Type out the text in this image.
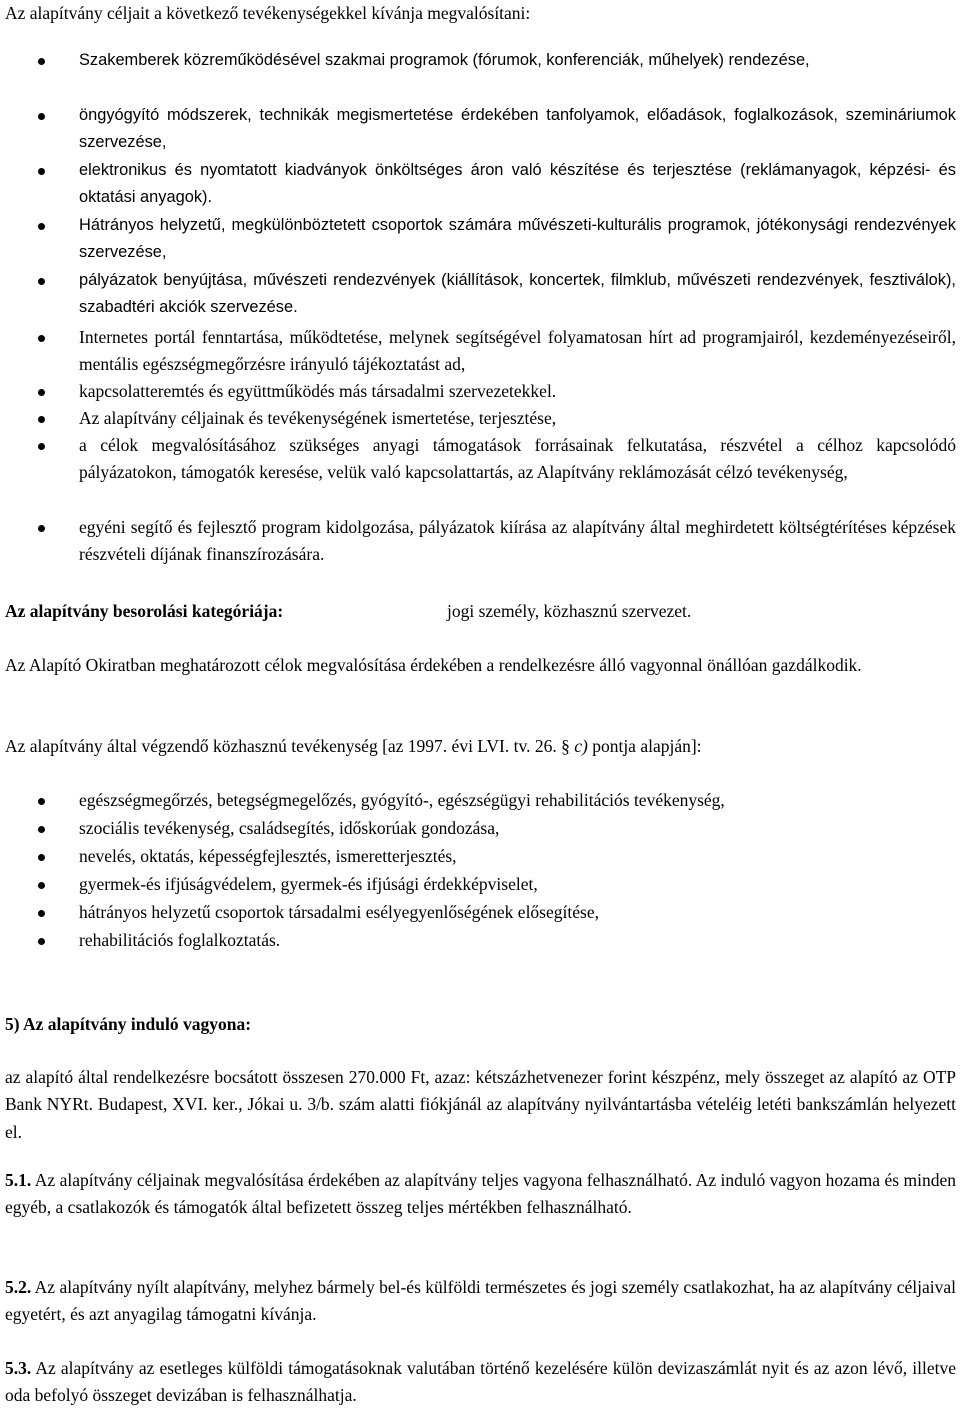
Az alapítvány céljait a következő tevékenységekkel kívánja megvalósítani:

Szakemberek közreműködésével szakmai programok (fórumok, konferenciák, műhelyek) rendezése,
öngyógyító módszerek, technikák megismertetése érdekében tanfolyamok, előadások, foglalkozások, szemináriumok szervezése,
elektronikus és nyomtatott kiadványok önköltséges áron való készítése és terjesztése (reklámanyagok, képzési- és oktatási anyagok).
Hátrányos helyzetű, megkülönböztetett csoportok számára művészeti-kulturális programok, jótékonysági rendezvények szervezése,
pályázatok benyújtása, művészeti rendezvények (kiállítások, koncertek, filmklub, művészeti rendezvények, fesztiválok), szabadtéri akciók szervezése.
Internetes portál fenntartása, működtetése, melynek segítségével folyamatosan hírt ad programjairól, kezdeményezéseiről, mentális egészségmegőrzésre irányuló tájékoztatást ad,
kapcsolatteremtés és együttműködés más társadalmi szervezetekkel.
Az alapítvány céljainak és tevékenységének ismertetése, terjesztése,
a célok megvalósításához szükséges anyagi támogatások forrásainak felkutatása, részvétel a célhoz kapcsolódó pályázatokon, támogatók keresése, velük való kapcsolattartás, az Alapítvány reklámozását célzó tevékenység,
egyéni segítő és fejlesztő program kidolgozása, pályázatok kiírása az alapítvány által meghirdetett költségtérítéses képzések részvételi díjának finanszírozására.
Az alapítvány besorolási kategóriája:	jogi személy, közhasznú szervezet.

Az Alapító Okiratban meghatározott célok megvalósítása érdekében a rendelkezésre álló vagyonnal önállóan gazdálkodik.

Az alapítvány által végzendő közhasznú tevékenység [az 1997. évi LVI. tv. 26. § c) pontja alapján]:

egészségmegőrzés, betegségmegelőzés, gyógyító-, egészségügyi rehabilitációs tevékenység,
szociális tevékenység, családsegítés, időskorúak gondozása,
nevelés, oktatás, képességfejlesztés, ismeretterjesztés,
gyermek-és ifjúságvédelem, gyermek-és ifjúsági érdekképviselet,
hátrányos helyzetű csoportok társadalmi esélyegyenlőségének elősegítése,
rehabilitációs foglalkoztatás.

5) Az alapítvány induló vagyona:

az alapító által rendelkezésre bocsátott összesen 270.000 Ft, azaz: kétszázhetvenezer forint készpénz, mely összeget az alapító az OTP Bank NYRt. Budapest, XVI. ker., Jókai u. 3/b. szám alatti fiókjánál az alapítvány nyilvántartásba vételéig letéti bankszámlán helyezett el.

5.1. Az alapítvány céljainak megvalósítása érdekében az alapítvány teljes vagyona felhasználható. Az induló vagyon hozama és minden egyéb, a csatlakozók és támogatók által befizetett összeg teljes mértékben felhasználható.

5.2. Az alapítvány nyílt alapítvány, melyhez bármely bel-és külföldi természetes és jogi személy csatlakozhat, ha az alapítvány céljaival egyetért, és azt anyagilag támogatni kívánja.

5.3. Az alapítvány az esetleges külföldi támogatásoknak valutában történő kezelésére külön devizaszámlát nyit és az azon lévő, illetve oda befolyó összeget devizában is felhasználhatja.
